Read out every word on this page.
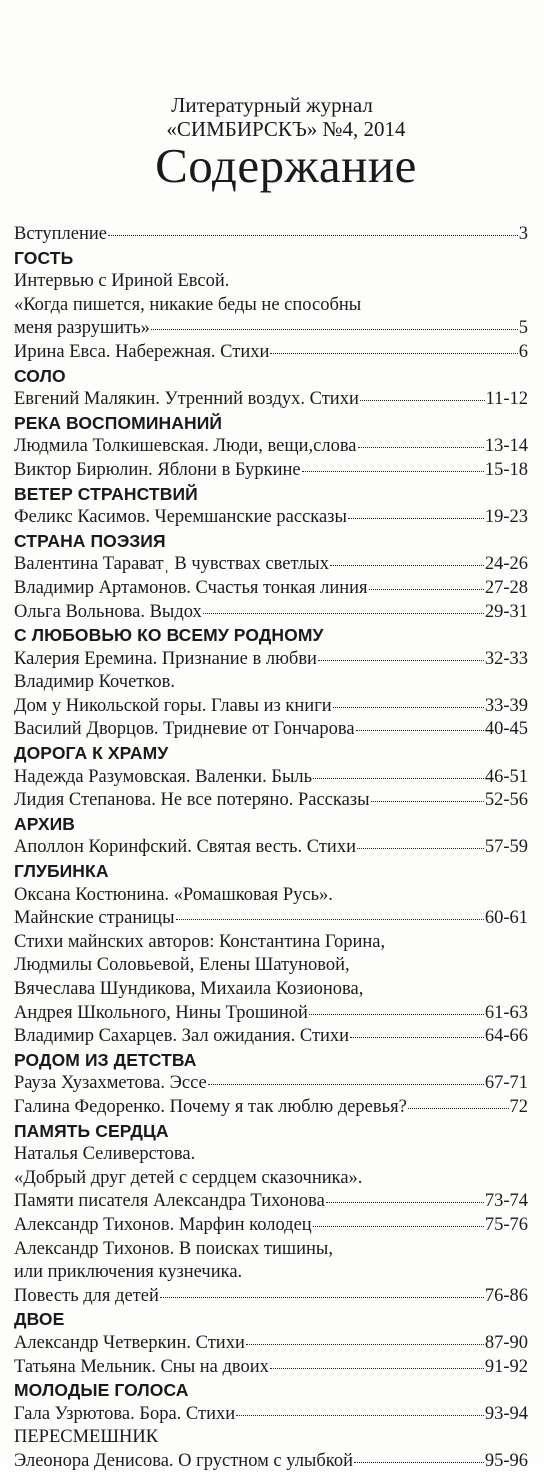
Литературный журнал
«СИМБИРСКЪ» №4, 2014
Содержание
Вступление	3
ГОСТЬ
Интервью с Ириной Евсой.
«Когда пишется, никакие беды не способны
меня разрушить»	5
Ирина Евса. Набережная. Стихи	6
СОЛО
Евгений Малякин. Утренний воздух. Стихи	11-12
РЕКА ВОСПОМИНАНИЙ
Людмила Толкишевская. Люди, вещи,слова	13-14
Виктор Бирюлин. Яблони в Буркине	15-18
ВЕТЕР СТРАНСТВИЙ
Феликс Касимов. Черемшанские рассказы	19-23
СТРАНА ПОЭЗИЯ
Валентина Тараватˌ В чувствах светлых	24-26
Владимир Артамонов. Счастья тонкая линия	27-28
Ольга Вольнова. Выдох	29-31
С ЛЮБОВЬЮ КО ВСЕМУ РОДНОМУ
Калерия Еремина. Признание в любви	32-33
Владимир Кочетков.
Дом у Никольской горы. Главы из книги	33-39
Василий Дворцов. Тридневие от Гончарова	40-45
ДОРОГА К ХРАМУ
Надежда Разумовская. Валенки. Быль	46-51
Лидия Степанова. Не все потеряно. Рассказы	52-56
АРХИВ
Аполлон Коринфский. Святая весть. Стихи	57-59
ГЛУБИНКА
Оксана Костюнина. «Ромашковая Русь».
Майнские страницы	60-61
Стихи майнских авторов: Константина Горина,
Людмилы Соловьевой, Елены Шатуновой,
Вячеслава Шундикова, Михаила Козионова,
Андрея Школьного, Нины Трошиной	61-63
Владимир Сахарцев. Зал ожидания. Стихи	64-66
РОДОМ ИЗ ДЕТСТВА
Рауза Хузахметова. Эссе	67-71
Галина Федоренко. Почему я так люблю деревья?	72
ПАМЯТЬ СЕРДЦА
Наталья Селиверстова.
«Добрый друг детей с сердцем сказочника».
Памяти писателя Александра Тихонова	73-74
Александр Тихонов. Марфин колодец	75-76
Александр Тихонов. В поисках тишины,
или приключения кузнечика.
Повесть для детей	76-86
ДВОЕ
Александр Четверкин. Стихи	87-90
Татьяна Мельник. Сны на двоих	91-92
МОЛОДЫЕ ГОЛОСА
Гала Узрютова. Бора. Стихи	93-94
ПЕРЕСМЕШНИК
Элеонора Денисова. О грустном с улыбкой	95-96
